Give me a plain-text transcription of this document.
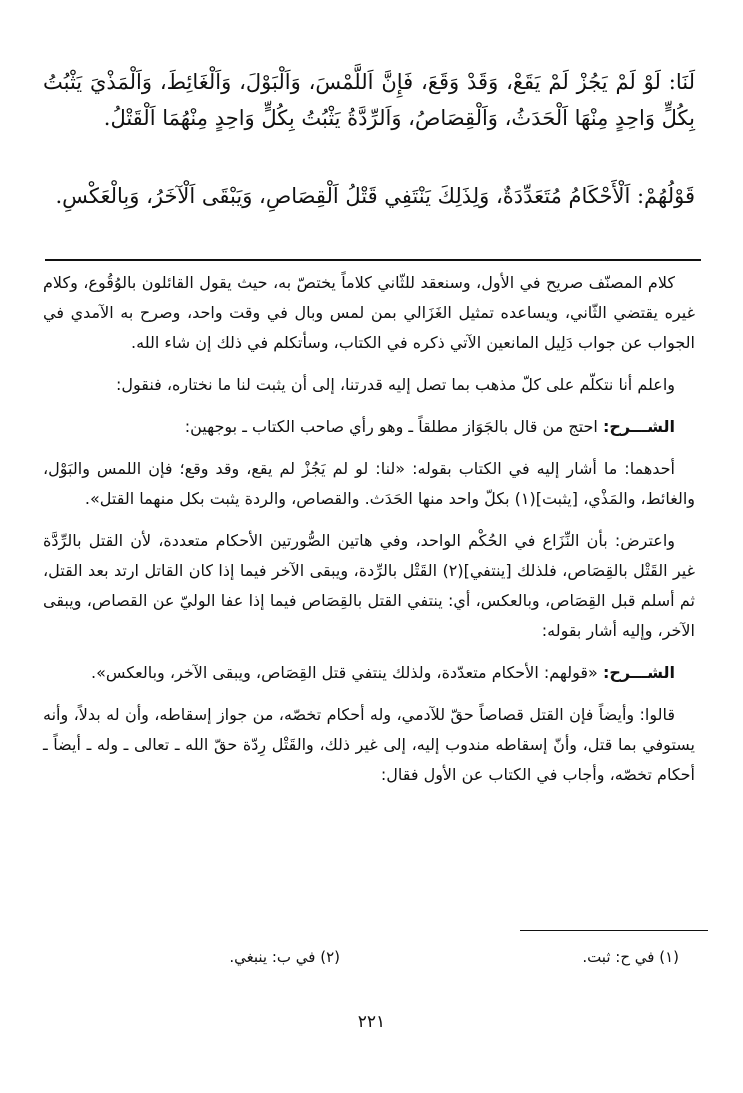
لَنَا: لَوْ لَمْ يَجُزْ لَمْ يَقَعْ، وَقَدْ وَقَعَ، فَإِنَّ اَللَّمْسَ، وَاَلْبَوْلَ، وَاَلْغَائِطَ، وَاَلْمَذْيَ يَثْبُتُ بِكُلٍّ وَاحِدٍ مِنْهَا اَلْحَدَثُ، وَاَلْقِصَاصُ، وَاَلرِّدَّةُ يَثْبُتُ بِكُلٍّ وَاحِدٍ مِنْهُمَا اَلْقَتْلُ.

قَوْلُهُمْ: اَلْأَحْكَامُ مُتَعَدِّدَةٌ، وَلِذَلِكَ يَنْتَفِي قَتْلُ اَلْقِصَاصِ، وَيَبْقَى اَلْآخَرُ، وَبِالْعَكْسِ.

كلام المصنّف صريح في الأول، وسنعقد للثّاني كلاماً يختصّ به، حيث يقول القائلون بالوُقُوع، وكلام غيره يقتضي الثّاني، ويساعده تمثيل الغَزَالي بمن لمس وبال في وقت واحد، وصرح به الآمدي في الجواب عن جواب دَلِيل المانعين الآتي ذكره في الكتاب، وسأتكلم في ذلك إن شاء الله.

واعلم أنا نتكلّم على كلّ مذهب بما تصل إليه قدرتنا، إلى أن يثبت لنا ما نختاره، فنقول:

الشـــرح: احتج من قال بالجَوَاز مطلقاً ـ وهو رأي صاحب الكتاب ـ بوجهين:

أحدهما: ما أشار إليه في الكتاب بقوله: «لنا: لو لم يَجُزْ لم يقع، وقد وقع؛ فإن اللمس والبَوْل، والغائط، والمَذْي، [يثبت](١) بكلّ واحد منها الحَدَث. والقصاص، والردة يثبت بكل منهما القتل».

واعترض: بأن النِّزَاع في الحُكْم الواحد، وفي هاتين الصُّورتين الأحكام متعددة، لأن القتل بالرِّدَّة غير القَتْل بالقِصَاص، فلذلك [ينتفي](٢) القَتْل بالرِّدة، ويبقى الآخر فيما إذا كان القاتل ارتد بعد القتل، ثم أسلم قبل القِصَاص، وبالعكس، أي: ينتفي القتل بالقِصَاص فيما إذا عفا الوليّ عن القصاص، ويبقى الآخر، وإليه أشار بقوله:

الشـــرح: «قولهم: الأحكام متعدّدة، ولذلك ينتفي قتل القِصَاص، ويبقى الآخر، وبالعكس».

قالوا: وأيضاً فإن القتل قصاصاً حقّ للآدمي، وله أحكام تخصّه، من جواز إسقاطه، وأن له بدلاً، وأنه يستوفي بما قتل، وأنّ إسقاطه مندوب إليه، إلى غير ذلك، والقَتْل رِدّة حقّ الله ـ تعالى ـ وله ـ أيضاً ـ أحكام تخصّه، وأجاب في الكتاب عن الأول فقال:

(١) في ح: ثبت.
(٢) في ب: ينبغي.
٢٢١
